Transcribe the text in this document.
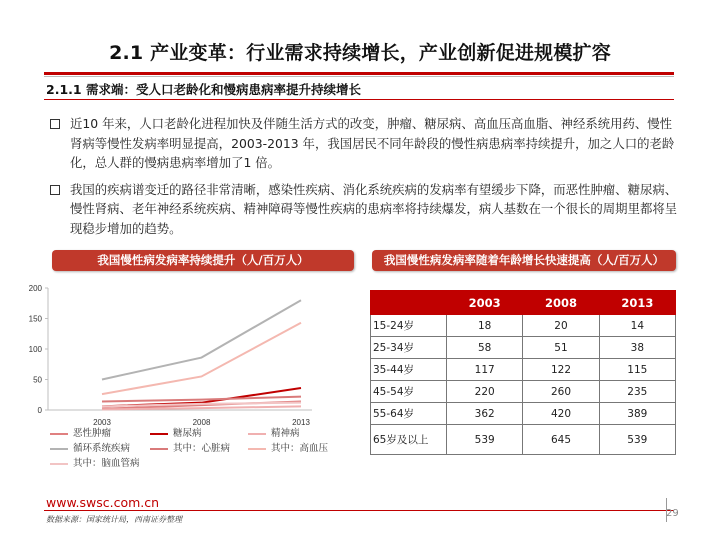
2.1 产业变革：行业需求持续增长，产业创新促进规模扩容
2.1.1 需求端：受人口老龄化和慢病患病率提升持续增长
近10 年来，人口老龄化进程加快及伴随生活方式的改变，肿瘤、糖尿病、高血压高血脂、神经系统用药、慢性肾病等慢性发病率明显提高，2003-2013 年，我国居民不同年龄段的慢性病患病率持续提升，加之人口的老龄化，总人群的慢病患病率增加了1 倍。
我国的疾病谱变迁的路径非常清晰，感染性疾病、消化系统疾病的发病率有望缓步下降，而恶性肿瘤、糖尿病、慢性肾病、老年神经系统疾病、精神障碍等慢性疾病的患病率将持续爆发，病人基数在一个很长的周期里都将呈现稳步增加的趋势。
我国慢性病发病率持续提升（人/百万人）	我国慢性病发病率随着年龄增长快速提高（人/百万人）
0
50
100
150
200
2003	2008	2013
恶性肿瘤	糖尿病	精神病
循环系统疾病	其中：心脏病	其中：高血压
其中：脑血管病
	2003	2008	2013
15-24岁	18	20	14
25-34岁	58	51	38
35-44岁	117	122	115
45-54岁	220	260	235
55-64岁	362	420	389
65岁及以上	539	645	539
www.swsc.com.cn
数据来源：国家统计局，西南证券整理
29
